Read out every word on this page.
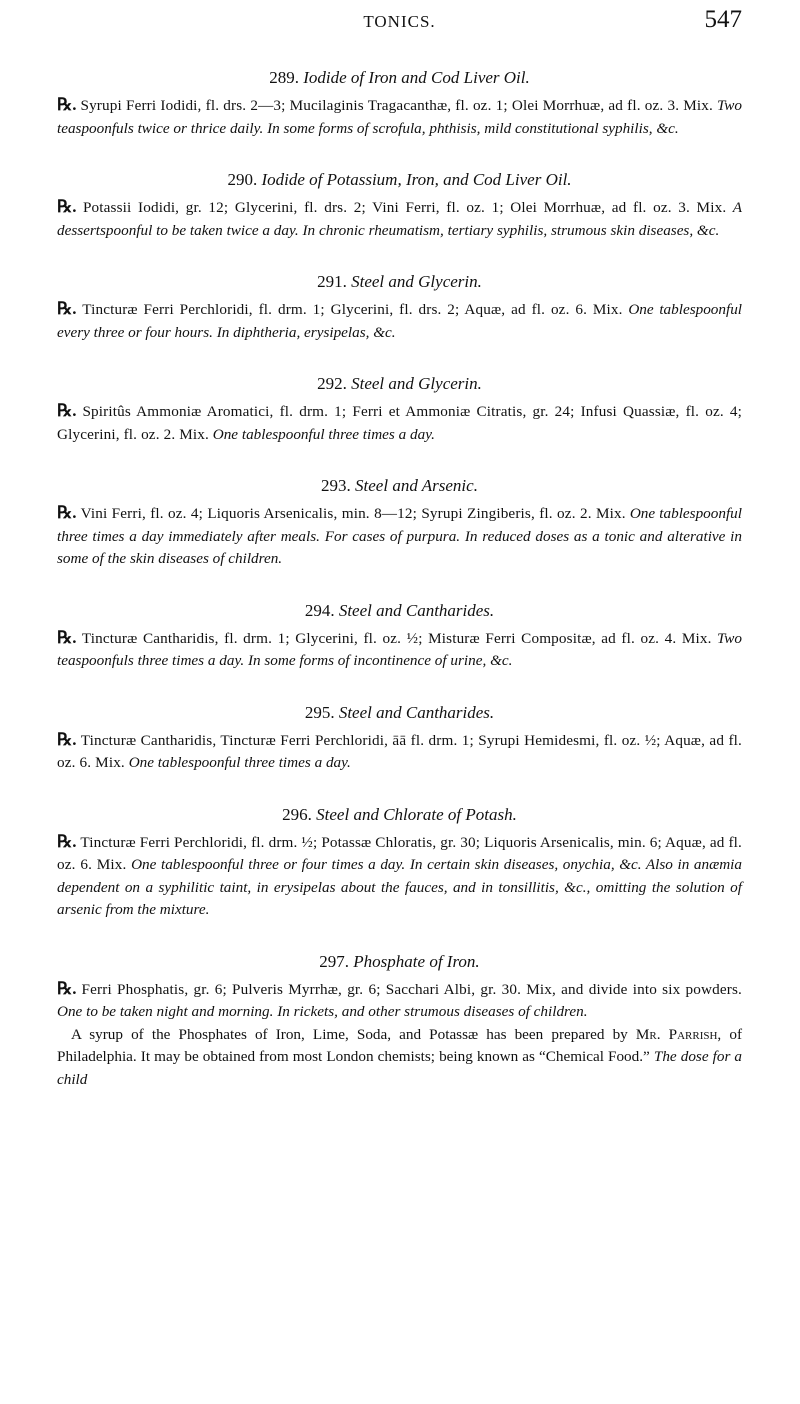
TONICS.	547
289. Iodide of Iron and Cod Liver Oil.

℞. Syrupi Ferri Iodidi, fl. drs. 2—3; Mucilaginis Tragacanthæ, fl. oz. 1; Olei Morrhuæ, ad fl. oz. 3. Mix. Two teaspoonfuls twice or thrice daily. In some forms of scrofula, phthisis, mild constitutional syphilis, &c.

290. Iodide of Potassium, Iron, and Cod Liver Oil.

℞. Potassii Iodidi, gr. 12; Glycerini, fl. drs. 2; Vini Ferri, fl. oz. 1; Olei Morrhuæ, ad fl. oz. 3. Mix. A dessertspoonful to be taken twice a day. In chronic rheumatism, tertiary syphilis, strumous skin diseases, &c.

291. Steel and Glycerin.

℞. Tincturæ Ferri Perchloridi, fl. drm. 1; Glycerini, fl. drs. 2; Aquæ, ad fl. oz. 6. Mix. One tablespoonful every three or four hours. In diphtheria, erysipelas, &c.

292. Steel and Glycerin.

℞. Spiritûs Ammoniæ Aromatici, fl. drm. 1; Ferri et Ammoniæ Citratis, gr. 24; Infusi Quassiæ, fl. oz. 4; Glycerini, fl. oz. 2. Mix. One tablespoonful three times a day.

293. Steel and Arsenic.

℞. Vini Ferri, fl. oz. 4; Liquoris Arsenicalis, min. 8—12; Syrupi Zingiberis, fl. oz. 2. Mix. One tablespoonful three times a day immediately after meals. For cases of purpura. In reduced doses as a tonic and alterative in some of the skin diseases of children.

294. Steel and Cantharides.

℞. Tincturæ Cantharidis, fl. drm. 1; Glycerini, fl. oz. ½; Misturæ Ferri Compositæ, ad fl. oz. 4. Mix. Two teaspoonfuls three times a day. In some forms of incontinence of urine, &c.

295. Steel and Cantharides.

℞. Tincturæ Cantharidis, Tincturæ Ferri Perchloridi, āā fl. drm. 1; Syrupi Hemidesmi, fl. oz. ½; Aquæ, ad fl. oz. 6. Mix. One tablespoonful three times a day.

296. Steel and Chlorate of Potash.

℞. Tincturæ Ferri Perchloridi, fl. drm. ½; Potassæ Chloratis, gr. 30; Liquoris Arsenicalis, min. 6; Aquæ, ad fl. oz. 6. Mix. One tablespoonful three or four times a day. In certain skin diseases, onychia, &c. Also in anæmia dependent on a syphilitic taint, in erysipelas about the fauces, and in tonsillitis, &c., omitting the solution of arsenic from the mixture.

297. Phosphate of Iron.

℞. Ferri Phosphatis, gr. 6; Pulveris Myrrhæ, gr. 6; Sacchari Albi, gr. 30. Mix, and divide into six powders. One to be taken night and morning. In rickets, and other strumous diseases of children.

A syrup of the Phosphates of Iron, Lime, Soda, and Potassæ has been prepared by Mr. Parrish, of Philadelphia. It may be obtained from most London chemists; being known as “Chemical Food.” The dose for a child
